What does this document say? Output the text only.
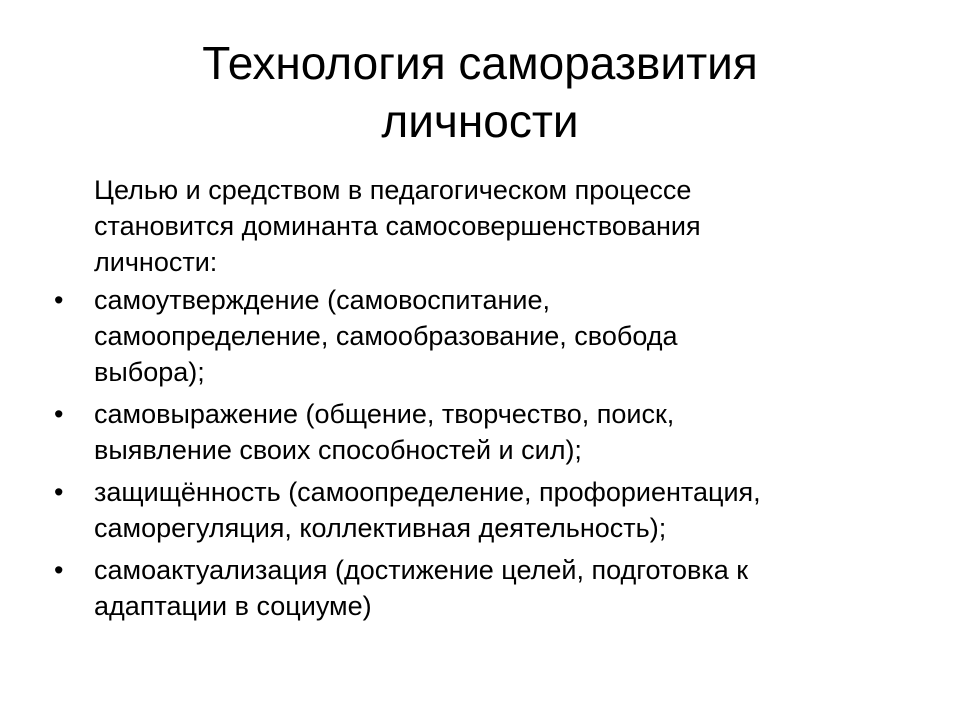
Технология саморазвития
личности

Целью и средством в педагогическом процессе
становится доминанта самосовершенствования
личности:

•	самоутверждение (самовоспитание,
самоопределение, самообразование, свобода
выбора);
•	самовыражение (общение, творчество, поиск,
выявление своих способностей и сил);
•	защищённость (самоопределение, профориентация,
саморегуляция, коллективная деятельность);
•	самоактуализация (достижение целей, подготовка к
адаптации в социуме)
